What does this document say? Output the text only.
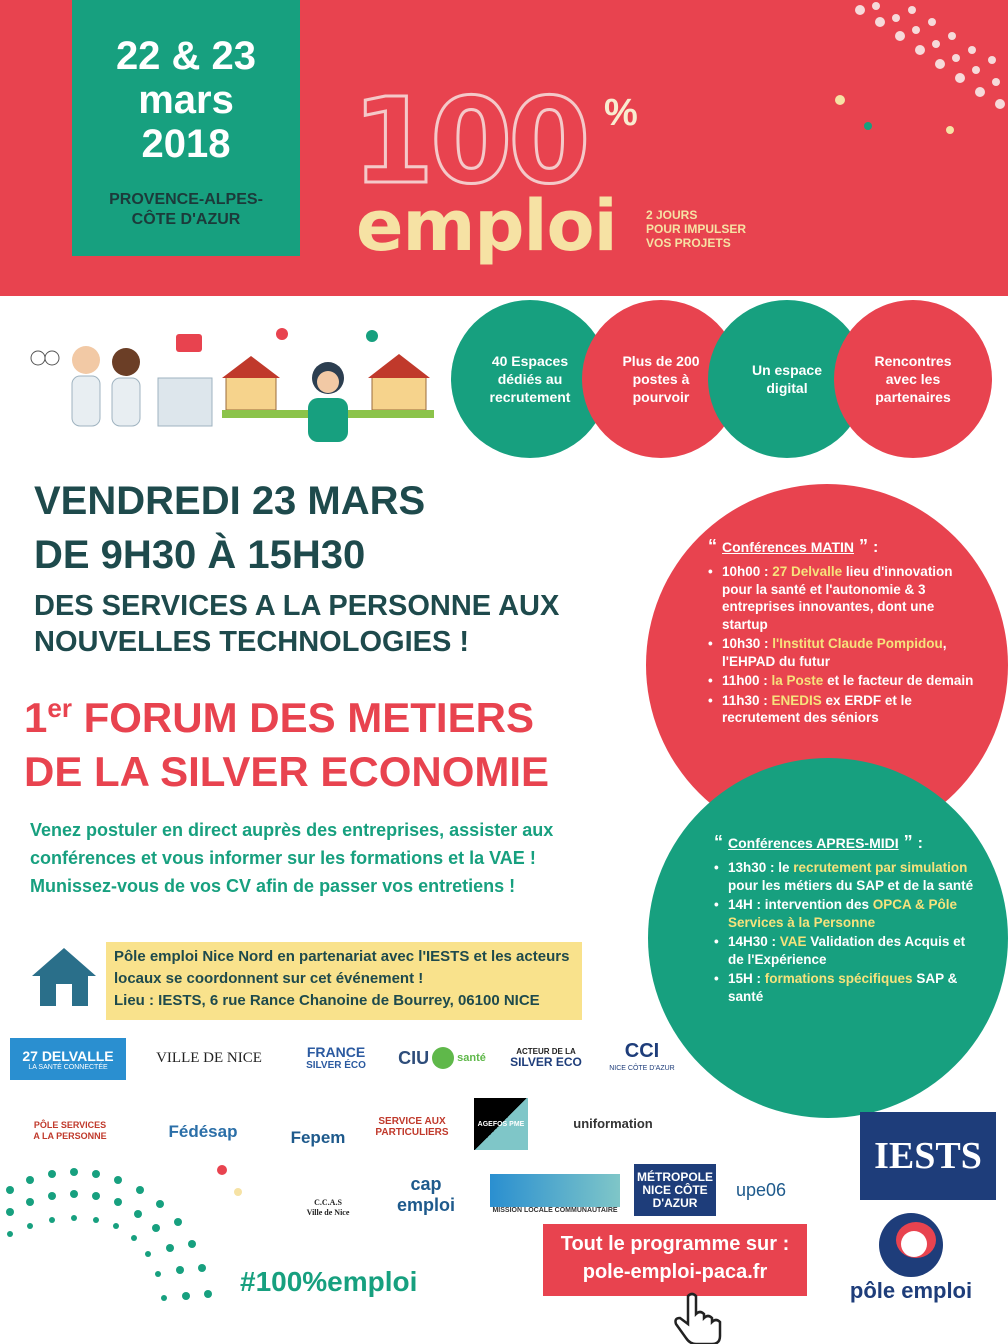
22 & 23
mars
2018
PROVENCE-ALPES-
CÔTE D'AZUR
100 %
emploi 2 JOURS
POUR IMPULSER
VOS PROJETS
40 Espaces
dédiés au
recrutement
Plus de 200
postes à
pourvoir
Un espace
digital
Rencontres
avec les
partenaires
“ Conférences MATIN ” :
• 10h00 : 27 Delvalle lieu d'innovation pour la santé et l'autonomie & 3 entreprises innovantes, dont une startup
• 10h30 : l'Institut Claude Pompidou, l'EHPAD du futur
• 11h00 : la Poste et le facteur de demain
• 11h30 : ENEDIS ex ERDF et le recrutement des séniors
“ Conférences APRES-MIDI ” :
• 13h30 : le recrutement par simulation pour les métiers du SAP et de la santé
• 14H : intervention des OPCA & Pôle Services à la Personne
• 14H30 : VAE Validation des Acquis et de l'Expérience
• 15H : formations spécifiques SAP & santé
VENDREDI 23 MARS
DE 9H30 À 15H30
DES SERVICES A LA PERSONNE AUX
NOUVELLES TECHNOLOGIES !
1er FORUM DES METIERS
DE LA SILVER ECONOMIE
Venez postuler en direct auprès des entreprises, assister aux conférences et vous informer sur les formations et la VAE !
Munissez-vous de vos CV afin de passer vos entretiens !
Pôle emploi Nice Nord en partenariat avec l'IESTS et les acteurs locaux se coordonnent sur cet événement !
Lieu : IESTS, 6 rue Rance Chanoine de Bourrey, 06100 NICE
27 DELVALLE
LA SANTÉ CONNECTÉE
VILLE DE NICE	FRANCE
SILVER ÉCO CIU	santé
ACTEUR DE LA
SILVER ECO CCI
NICE CÔTE D'AZUR
PÔLE SERVICES
A LA PERSONNE	Fédésap	Fepem
SERVICE AUX
PARTICULIERS
AGEFOS PME	uniformation
IESTS
C.C.A.S
Ville de Nice
cap emploi	MISSION LOCALE COMMUNAUTAIRE
MÉTROPOLE
NICE CÔTE D'AZUR
upe06
#100%emploi
Tout le programme sur :
pole-emploi-paca.fr
pôle emploi
